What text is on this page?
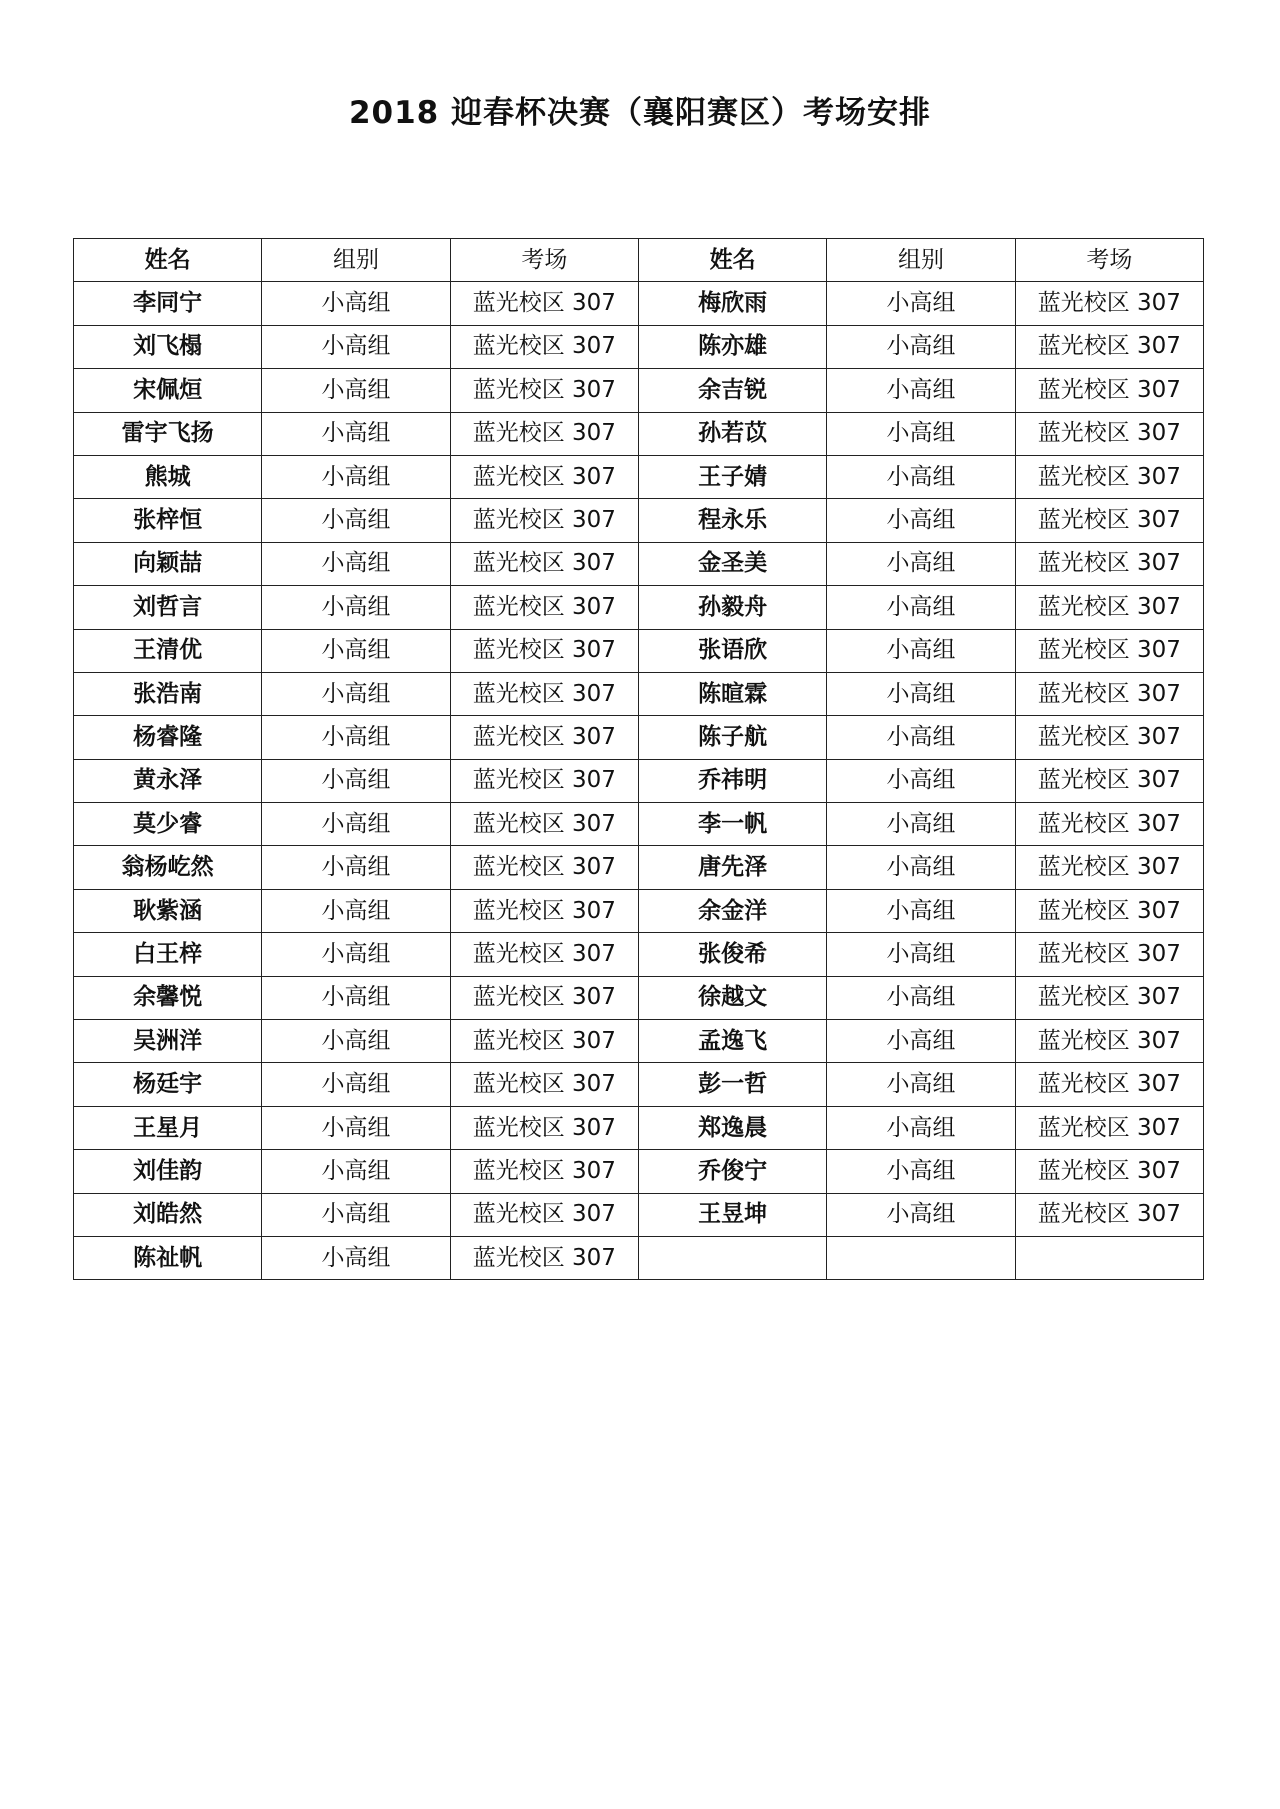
2018 迎春杯决赛（襄阳赛区）考场安排
姓名	组别	考场	姓名	组别	考场
李同宁	小高组	蓝光校区 307	梅欣雨	小高组	蓝光校区 307
刘飞榻	小高组	蓝光校区 307	陈亦雄	小高组	蓝光校区 307
宋佩烜	小高组	蓝光校区 307	余吉锐	小高组	蓝光校区 307
雷宇飞扬	小高组	蓝光校区 307	孙若苡	小高组	蓝光校区 307
熊城	小高组	蓝光校区 307	王子婧	小高组	蓝光校区 307
张梓恒	小高组	蓝光校区 307	程永乐	小高组	蓝光校区 307
向颖喆	小高组	蓝光校区 307	金圣美	小高组	蓝光校区 307
刘哲言	小高组	蓝光校区 307	孙毅舟	小高组	蓝光校区 307
王清优	小高组	蓝光校区 307	张语欣	小高组	蓝光校区 307
张浩南	小高组	蓝光校区 307	陈暄霖	小高组	蓝光校区 307
杨睿隆	小高组	蓝光校区 307	陈子航	小高组	蓝光校区 307
黄永泽	小高组	蓝光校区 307	乔祎明	小高组	蓝光校区 307
莫少睿	小高组	蓝光校区 307	李一帆	小高组	蓝光校区 307
翁杨屹然	小高组	蓝光校区 307	唐先泽	小高组	蓝光校区 307
耿紫涵	小高组	蓝光校区 307	余金洋	小高组	蓝光校区 307
白王梓	小高组	蓝光校区 307	张俊希	小高组	蓝光校区 307
余馨悦	小高组	蓝光校区 307	徐越文	小高组	蓝光校区 307
吴洲洋	小高组	蓝光校区 307	孟逸飞	小高组	蓝光校区 307
杨廷宇	小高组	蓝光校区 307	彭一哲	小高组	蓝光校区 307
王星月	小高组	蓝光校区 307	郑逸晨	小高组	蓝光校区 307
刘佳韵	小高组	蓝光校区 307	乔俊宁	小高组	蓝光校区 307
刘皓然	小高组	蓝光校区 307	王昱坤	小高组	蓝光校区 307
陈祉帆	小高组	蓝光校区 307			
